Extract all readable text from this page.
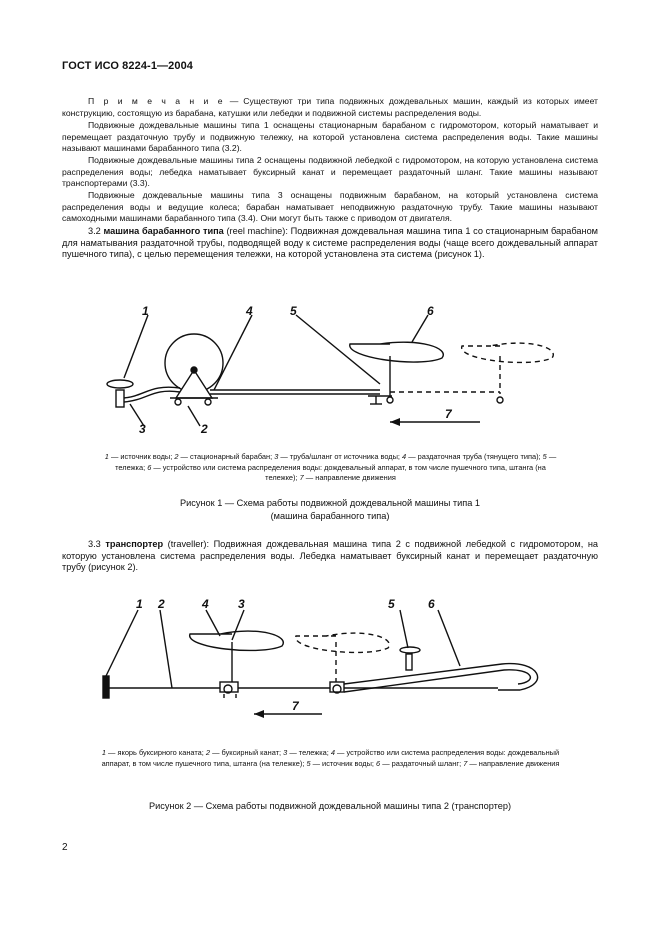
ГОСТ ИСО 8224-1—2004

П р и м е ч а н и е — Существуют три типа подвижных дождевальных машин, каждый из которых имеет конструкцию, состоящую из барабана, катушки или лебедки и подвижной системы распределения воды.

Подвижные дождевальные машины типа 1 оснащены стационарным барабаном с гидромотором, который наматывает и перемещает раздаточную трубу и подвижную тележку, на которой установлена система распределения воды. Такие машины называют машинами барабанного типа (3.2).

Подвижные дождевальные машины типа 2 оснащены подвижной лебедкой с гидромотором, на которую установлена система распределения воды; лебедка наматывает буксирный канат и перемещает раздаточный шланг. Такие машины называют транспортерами (3.3).

Подвижные дождевальные машины типа 3 оснащены подвижным барабаном, на который установлена система распределения воды и ведущие колеса; барабан наматывает неподвижную раздаточную трубу. Такие машины называют самоходными машинами барабанного типа (3.4). Они могут быть также с приводом от двигателя.

3.2 машина барабанного типа (reel machine): Подвижная дождевальная машина типа 1 со стационарным барабаном для наматывания раздаточной трубы, подводящей воду к системе распределения воды (чаще всего дождевальный аппарат пушечного типа), с целью перемещения тележки, на которой установлена эта система (рисунок 1).

1
2
3
4	5	6
7
1 — источник воды; 2 — стационарный барабан; 3 — труба/шланг от источника воды; 4 — раздаточная труба (тянущего типа); 5 — тележка; 6 — устройство или система распределения воды: дождевальный аппарат, в том числе пушечного типа, штанга (на тележке); 7 — направление движения
Рисунок 1 — Схема работы подвижной дождевальной машины типа 1
(машина барабанного типа)

3.3 транспортер (traveller): Подвижная дождевальная машина типа 2 с подвижной лебедкой с гидромотором, на которую установлена система распределения воды. Лебедка наматывает буксирный канат и перемещает раздаточную трубу (рисунок 2).

1 2	4 3	5	6
7
1 — якорь буксирного каната; 2 — буксирный канат; 3 — тележка; 4 — устройство или система распределения воды: дождевальный аппарат, в том числе пушечного типа, штанга (на тележке); 5 — источник воды; 6 — раздаточный шланг; 7 — направление движения
Рисунок 2 — Схема работы подвижной дождевальной машины типа 2 (транспортер)
2
